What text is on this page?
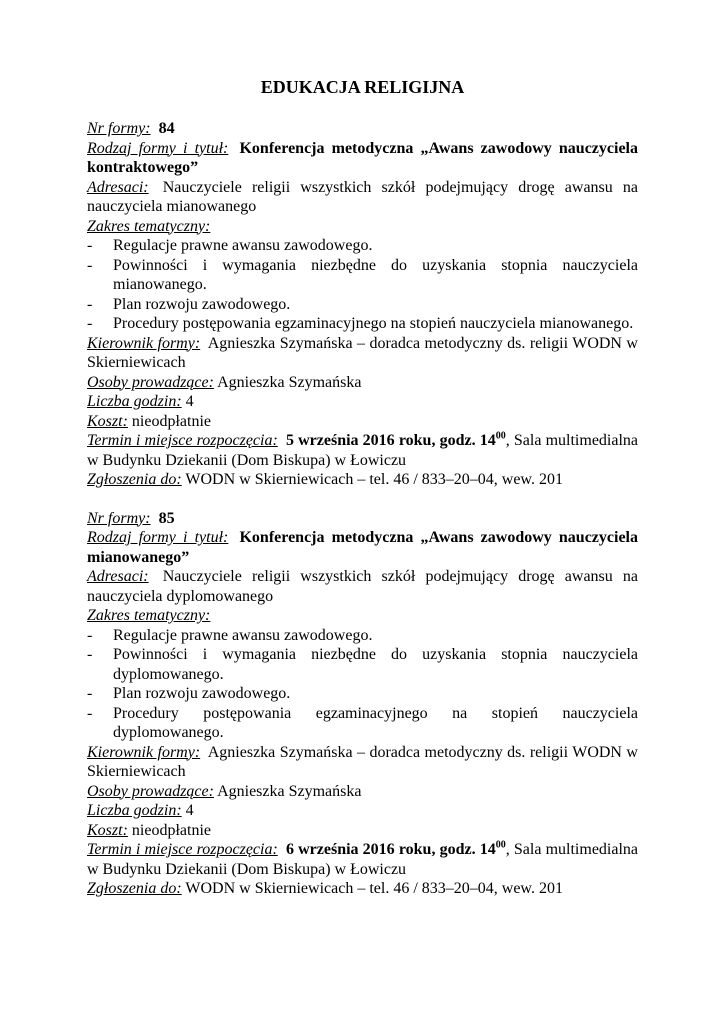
EDUKACJA RELIGIJNA

Nr formy: 84

Rodzaj formy i tytuł: Konferencja metodyczna „Awans zawodowy nauczyciela kontraktowego”

Adresaci: Nauczyciele religii wszystkich szkół podejmujący drogę awansu na nauczyciela mianowanego

Zakres tematyczny:

- Regulacje prawne awansu zawodowego.
- Powinności i wymagania niezbędne do uzyskania stopnia nauczyciela mianowanego.
- Plan rozwoju zawodowego.
- Procedury postępowania egzaminacyjnego na stopień nauczyciela mianowanego.

Kierownik formy: Agnieszka Szymańska – doradca metodyczny ds. religii WODN w Skierniewicach

Osoby prowadzące: Agnieszka Szymańska

Liczba godzin: 4

Koszt: nieodpłatnie

Termin i miejsce rozpoczęcia: 5 września 2016 roku, godz. $14^{00}$, Sala multimedialna w Budynku Dziekanii (Dom Biskupa) w Łowiczu

Zgłoszenia do: WODN w Skierniewicach – tel. 46 / 833–20–04, wew. 201

Nr formy: 85

Rodzaj formy i tytuł: Konferencja metodyczna „Awans zawodowy nauczyciela mianowanego”

Adresaci: Nauczyciele religii wszystkich szkół podejmujący drogę awansu na nauczyciela dyplomowanego

Zakres tematyczny:

- Regulacje prawne awansu zawodowego.
- Powinności i wymagania niezbędne do uzyskania stopnia nauczyciela dyplomowanego.
- Plan rozwoju zawodowego.
- Procedury postępowania egzaminacyjnego na stopień nauczyciela dyplomowanego.

Kierownik formy: Agnieszka Szymańska – doradca metodyczny ds. religii WODN w Skierniewicach

Osoby prowadzące: Agnieszka Szymańska

Liczba godzin: 4

Koszt: nieodpłatnie

Termin i miejsce rozpoczęcia: 6 września 2016 roku, godz. $14^{00}$, Sala multimedialna w Budynku Dziekanii (Dom Biskupa) w Łowiczu

Zgłoszenia do: WODN w Skierniewicach – tel. 46 / 833–20–04, wew. 201
